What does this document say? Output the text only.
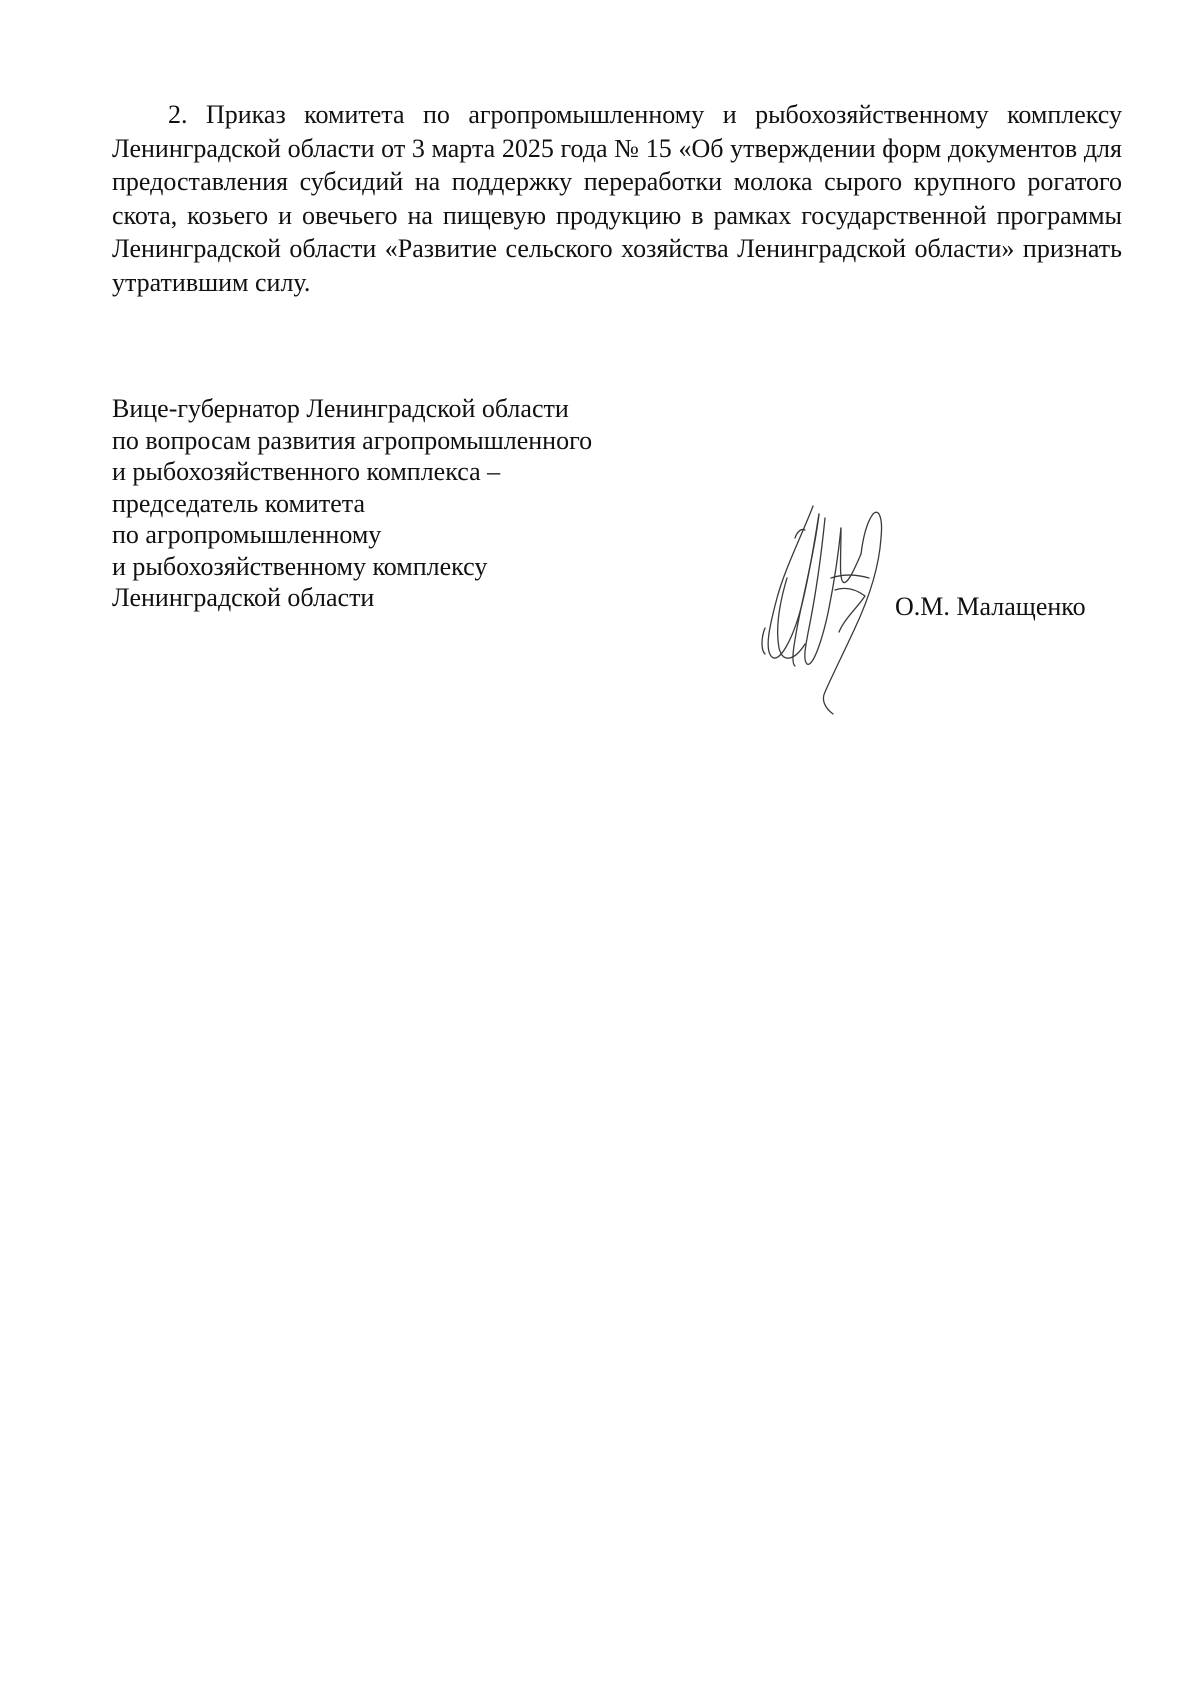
2. Приказ комитета по агропромышленному и рыбохозяйственному комплексу Ленинградской области от 3 марта 2025 года № 15 «Об утверждении форм документов для предоставления субсидий на поддержку переработки молока сырого крупного рогатого скота, козьего и овечьего на пищевую продукцию в рамках государственной программы Ленинградской области «Развитие сельского хозяйства Ленинградской области» признать утратившим силу.

Вице-губернатор Ленинградской области
по вопросам развития агропромышленного
и рыбохозяйственного комплекса –
председатель комитета
по агропромышленному
и рыбохозяйственному комплексу
Ленинградской области	О.М. Малащенко
